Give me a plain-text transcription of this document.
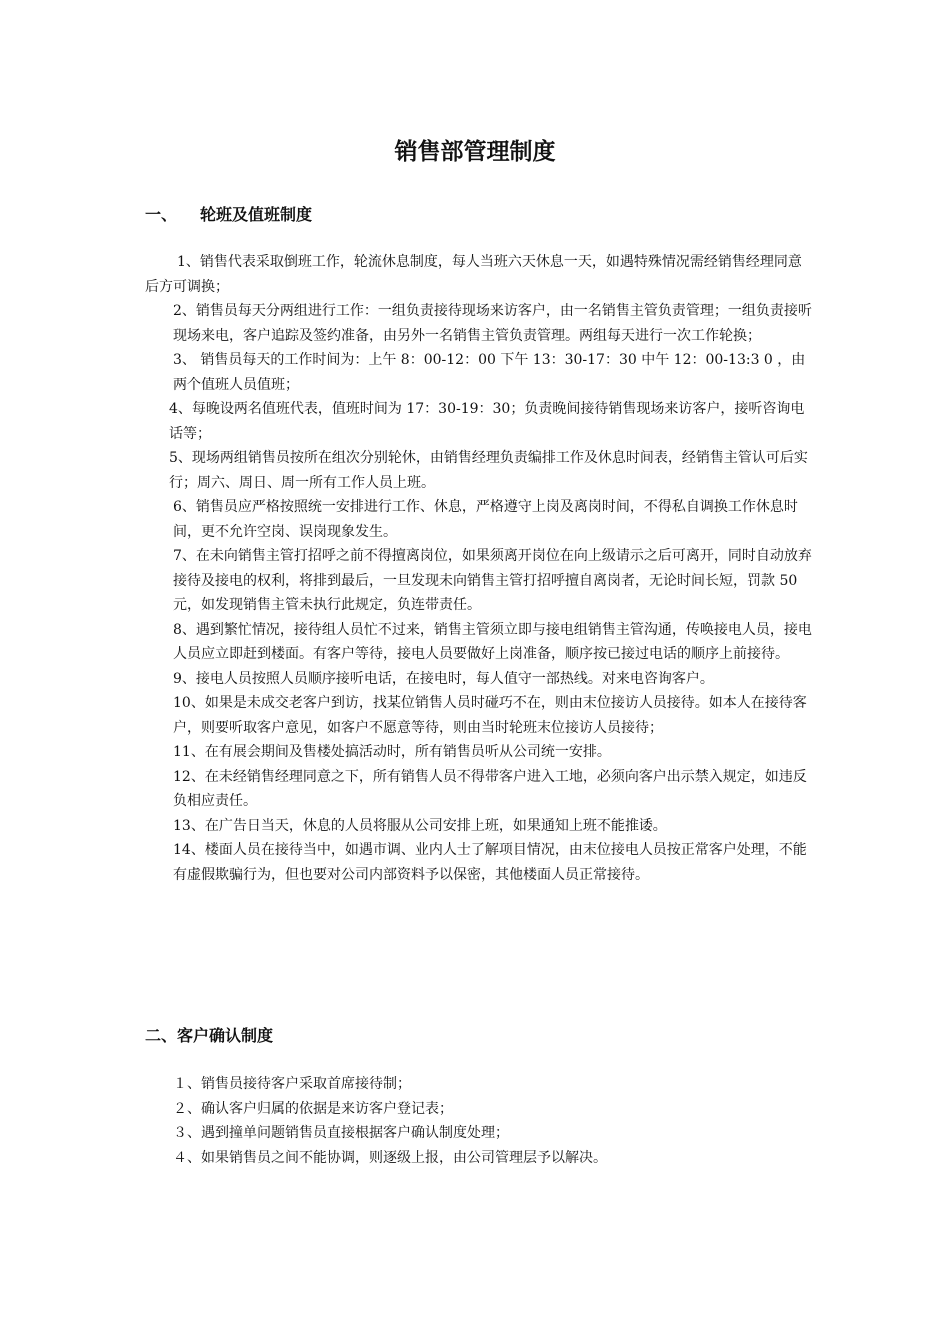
销售部管理制度
一、 轮班及值班制度
1、销售代表采取倒班工作，轮流休息制度，每人当班六天休息一天，如遇特殊情况需经销售经理同意后方可调换；
2、销售员每天分两组进行工作：一组负责接待现场来访客户，由一名销售主管负责管理；一组负责接听现场来电，客户追踪及签约准备，由另外一名销售主管负责管理。两组每天进行一次工作轮换；
3、 销售员每天的工作时间为：上午 8：00-12：00 下午 13：30-17：30 中午 12：00-13:3 0 ，由两个值班人员值班；
4、每晚设两名值班代表，值班时间为 17：30-19：30；负责晚间接待销售现场来访客户，接听咨询电话等；
5、现场两组销售员按所在组次分别轮休，由销售经理负责编排工作及休息时间表，经销售主管认可后实行；周六、周日、周一所有工作人员上班。
6、销售员应严格按照统一安排进行工作、休息，严格遵守上岗及离岗时间，不得私自调换工作休息时间，更不允许空岗、误岗现象发生。
7、在未向销售主管打招呼之前不得擅离岗位，如果须离开岗位在向上级请示之后可离开，同时自动放弃接待及接电的权利，将排到最后，一旦发现未向销售主管打招呼擅自离岗者，无论时间长短，罚款 50 元，如发现销售主管未执行此规定，负连带责任。
8、遇到繁忙情况，接待组人员忙不过来，销售主管须立即与接电组销售主管沟通，传唤接电人员，接电人员应立即赶到楼面。有客户等待，接电人员要做好上岗准备，顺序按已接过电话的顺序上前接待。
9、接电人员按照人员顺序接听电话，在接电时，每人值守一部热线。对来电咨询客户。
10、如果是未成交老客户到访，找某位销售人员时碰巧不在，则由末位接访人员接待。如本人在接待客户，则要听取客户意见，如客户不愿意等待，则由当时轮班末位接访人员接待；
11、在有展会期间及售楼处搞活动时，所有销售员听从公司统一安排。
12、在未经销售经理同意之下，所有销售人员不得带客户进入工地，必须向客户出示禁入规定，如违反负相应责任。
13、在广告日当天，休息的人员将服从公司安排上班，如果通知上班不能推诿。
14、楼面人员在接待当中，如遇市调、业内人士了解项目情况，由末位接电人员按正常客户处理，不能有虚假欺骗行为，但也要对公司内部资料予以保密，其他楼面人员正常接待。
二、客户确认制度
１、销售员接待客户采取首席接待制；
２、确认客户归属的依据是来访客户登记表；
３、遇到撞单问题销售员直接根据客户确认制度处理；
４、如果销售员之间不能协调，则逐级上报，由公司管理层予以解决。
